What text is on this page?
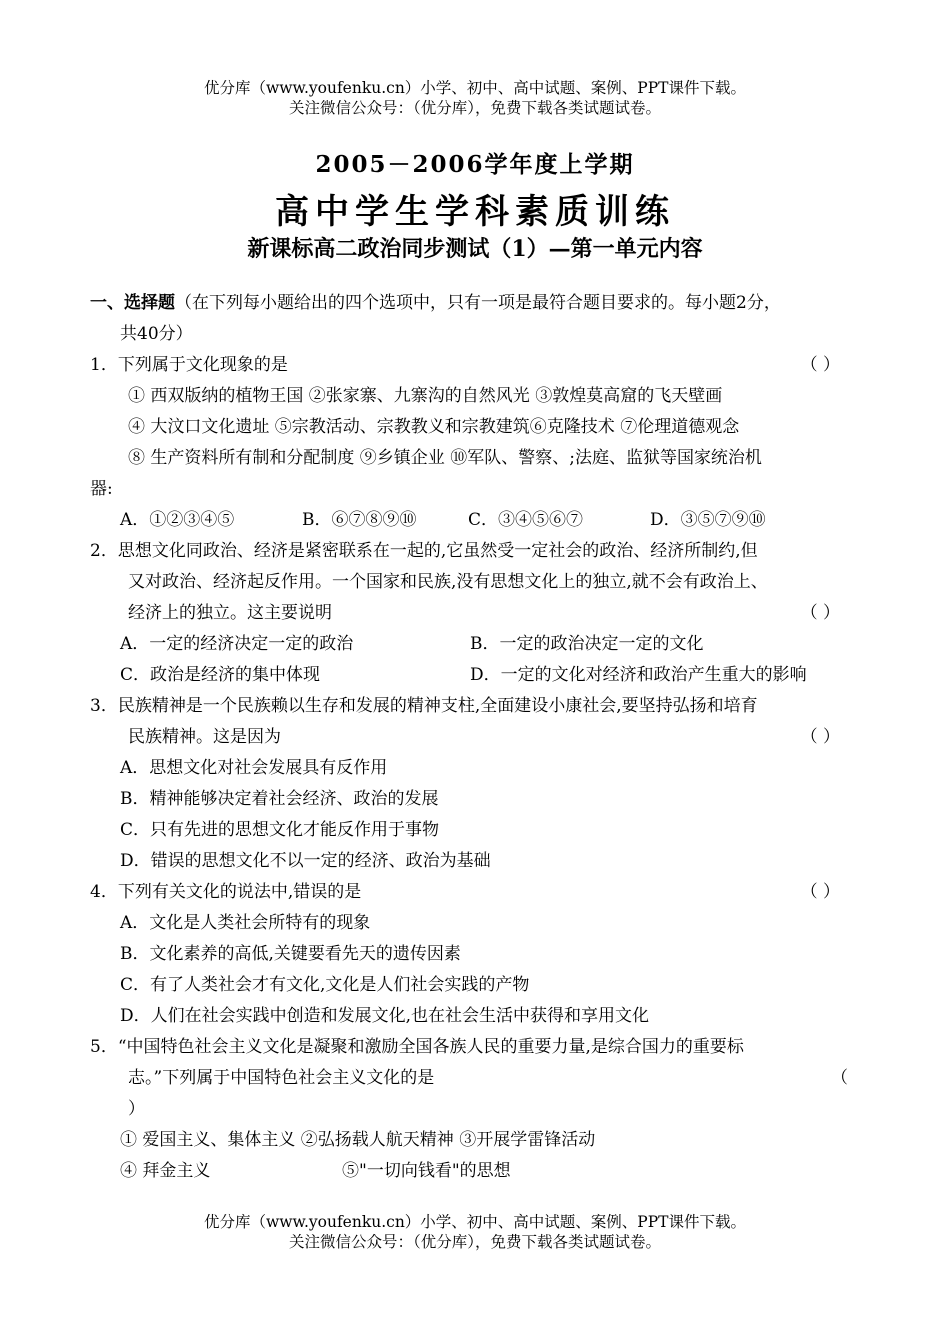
优分库（www.youfenku.cn）小学、初中、高中试题、案例、PPT课件下载。
关注微信公众号：（优分库），免费下载各类试题试卷。
2005－2006学年度上学期
高中学生学科素质训练
新课标高二政治同步测试（1）—第一单元内容
一、选择题（在下列每小题给出的四个选项中，只有一项是最符合题目要求的。每小题2分，
共40分）
1．下列属于文化现象的是	（ ）
① 西双版纳的植物王国 ②张家寨、九寨沟的自然风光 ③敦煌莫高窟的飞天壁画
④ 大汶口文化遗址 ⑤宗教活动、宗教教义和宗教建筑⑥克隆技术 ⑦伦理道德观念
⑧ 生产资料所有制和分配制度 ⑨乡镇企业 ⑩军队、警察、;法庭、监狱等国家统治机
器:
A．①②③④⑤	B．⑥⑦⑧⑨⑩	C．③④⑤⑥⑦	D．③⑤⑦⑨⑩
2．思想文化同政治、经济是紧密联系在一起的,它虽然受一定社会的政治、经济所制约,但
又对政治、经济起反作用。一个国家和民族,没有思想文化上的独立,就不会有政治上、
经济上的独立。这主要说明	（ ）
A．一定的经济决定一定的政治	B．一定的政治决定一定的文化
C．政治是经济的集中体现	D．一定的文化对经济和政治产生重大的影响
3．民族精神是一个民族赖以生存和发展的精神支柱,全面建设小康社会,要坚持弘扬和培育
民族精神。这是因为	（ ）
A．思想文化对社会发展具有反作用
B．精神能够决定着社会经济、政治的发展
C．只有先进的思想文化才能反作用于事物
D．错误的思想文化不以一定的经济、政治为基础
4．下列有关文化的说法中,错误的是	（ ）
A．文化是人类社会所特有的现象
B．文化素养的高低,关键要看先天的遗传因素
C．有了人类社会才有文化,文化是人们社会实践的产物
D．人们在社会实践中创造和发展文化,也在社会生活中获得和享用文化
5．“中国特色社会主义文化是凝聚和激励全国各族人民的重要力量,是综合国力的重要标
志。”下列属于中国特色社会主义文化的是	（
）
① 爱国主义、集体主义 ②弘扬载人航天精神 ③开展学雷锋活动
④ 拜金主义	⑤"一切向钱看"的思想
优分库（www.youfenku.cn）小学、初中、高中试题、案例、PPT课件下载。
关注微信公众号：（优分库），免费下载各类试题试卷。
